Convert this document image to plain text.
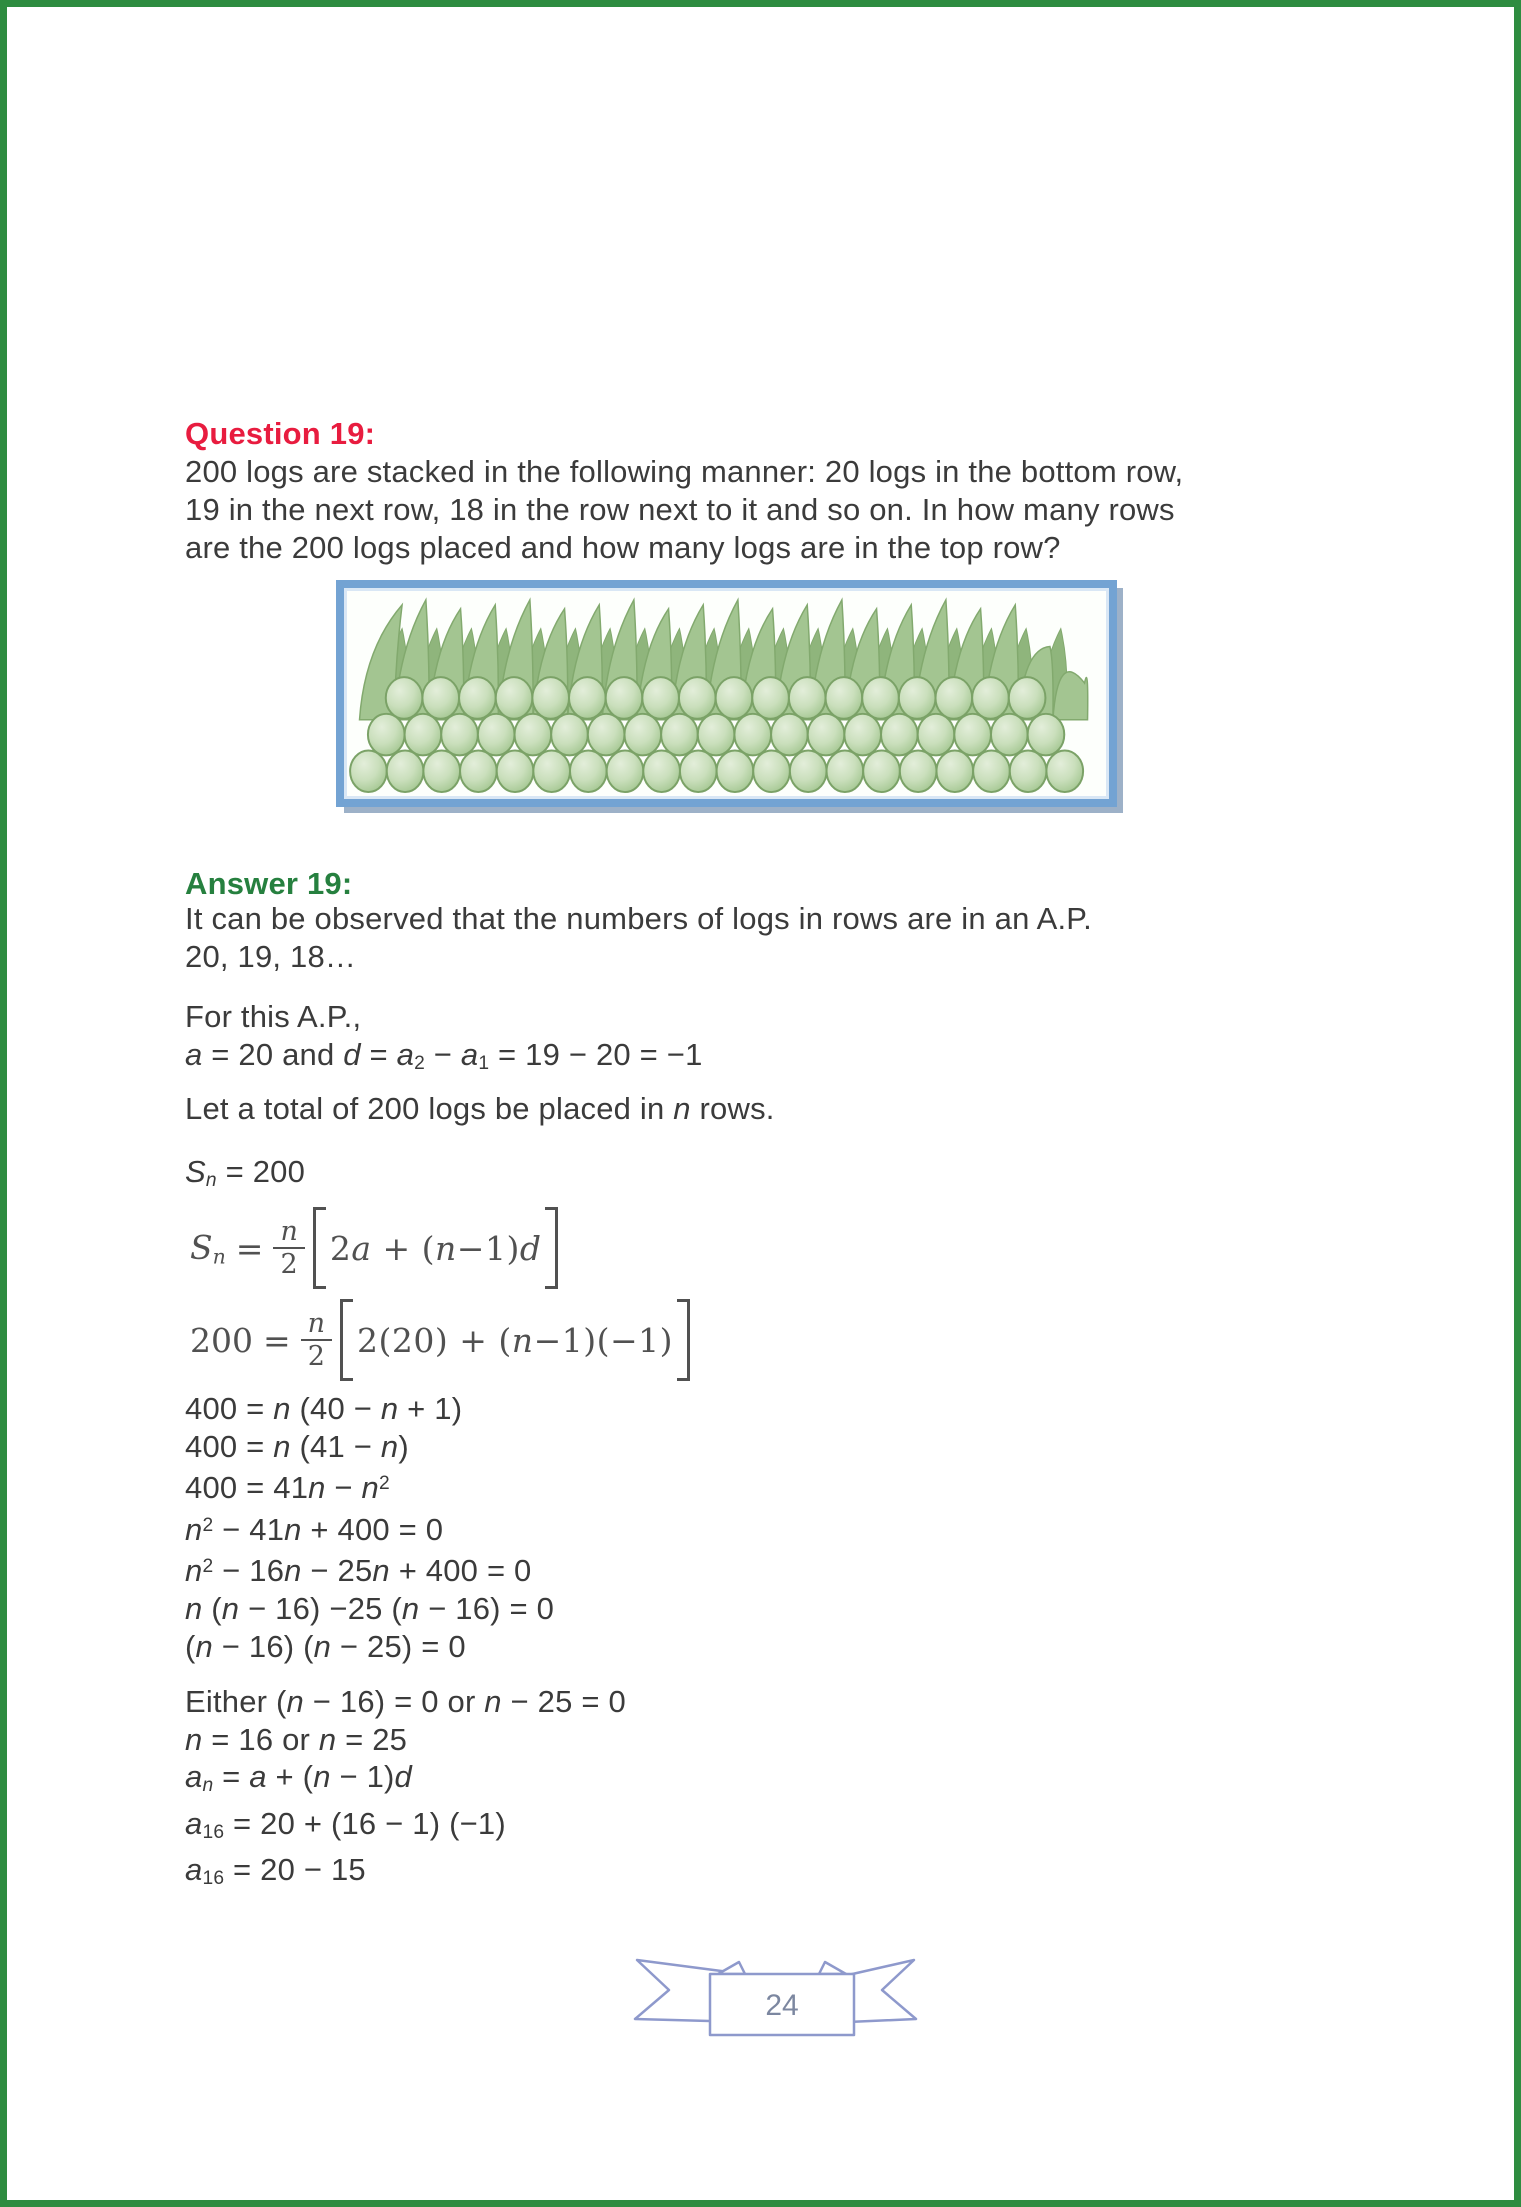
Question 19:
200 logs are stacked in the following manner: 20 logs in the bottom row,
19 in the next row, 18 in the row next to it and so on. In how many rows
are the 200 logs placed and how many logs are in the top row?
Answer 19:
It can be observed that the numbers of logs in rows are in an A.P.
20, 19, 18…
For this A.P.,
a = 20 and d = a2 − a1 = 19 − 20 = −1
Let a total of 200 logs be placed in n rows.
Sn = 200
$Sn = \frac{n}{2} 2a + (n-1)d$
$200 = \frac{n}{2} 2(20) + (n-1)(-1)$
400 = n (40 − n + 1)
400 = n (41 − n)
$400 = 41n - n^2$
$n^2 - 41n + 400 = 0$
$n^2 - 16n - 25n + 400 = 0$
n (n − 16) −25 (n − 16) = 0
(n − 16) (n − 25) = 0
Either (n − 16) = 0 or n − 25 = 0
n = 16 or n = 25
an = a + (n − 1)d
a16 = 20 + (16 − 1) (−1)
a16 = 20 − 15
24
